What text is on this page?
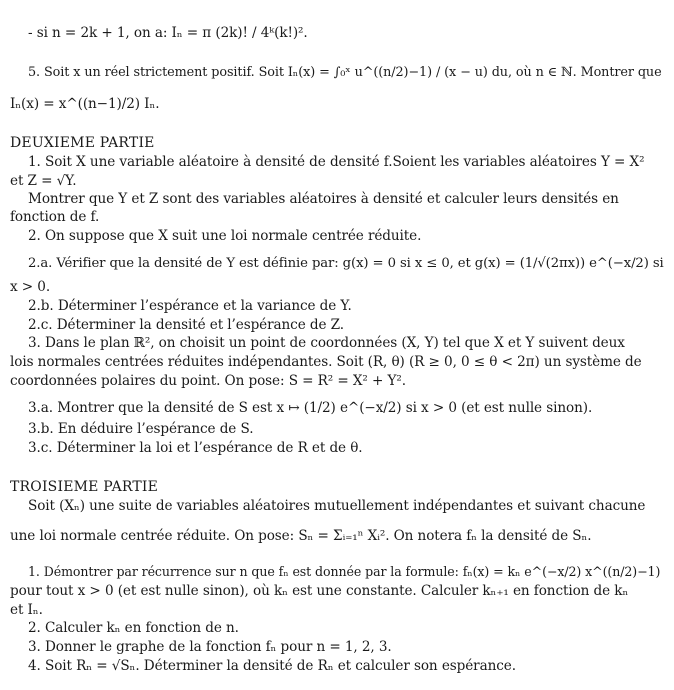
- si n = 2k + 1, on a: Iₙ = π (2k)! / 4ᵏ(k!)².
5. Soit x un réel strictement positif. Soit Iₙ(x) = ∫₀ˣ u^((n/2)−1) / (x − u) du, où n ∈ ℕ. Montrer que
Iₙ(x) = x^((n−1)/2) Iₙ.
DEUXIEME PARTIE
1. Soit X une variable aléatoire à densité de densité f.Soient les variables aléatoires Y = X²
et Z = √Y.
Montrer que Y et Z sont des variables aléatoires à densité et calculer leurs densités en
fonction de f.
2. On suppose que X suit une loi normale centrée réduite.
2.a. Vérifier que la densité de Y est définie par: g(x) = 0 si x ≤ 0, et g(x) = (1/√(2πx)) e^(−x/2) si
x > 0.
2.b. Déterminer l’espérance et la variance de Y.
2.c. Déterminer la densité et l’espérance de Z.
3. Dans le plan ℝ², on choisit un point de coordonnées (X, Y) tel que X et Y suivent deux
lois normales centrées réduites indépendantes. Soit (R, θ) (R ≥ 0, 0 ≤ θ < 2π) un système de
coordonnées polaires du point. On pose: S = R² = X² + Y².
3.a. Montrer que la densité de S est x ↦ (1/2) e^(−x/2) si x > 0 (et est nulle sinon).
3.b. En déduire l’espérance de S.
3.c. Déterminer la loi et l’espérance de R et de θ.
TROISIEME PARTIE
Soit (Xₙ) une suite de variables aléatoires mutuellement indépendantes et suivant chacune
une loi normale centrée réduite. On pose: Sₙ = Σᵢ₌₁ⁿ Xᵢ². On notera fₙ la densité de Sₙ.
1. Démontrer par récurrence sur n que fₙ est donnée par la formule: fₙ(x) = kₙ e^(−x/2) x^((n/2)−1)
pour tout x > 0 (et est nulle sinon), où kₙ est une constante. Calculer kₙ₊₁ en fonction de kₙ
et Iₙ.
2. Calculer kₙ en fonction de n.
3. Donner le graphe de la fonction fₙ pour n = 1, 2, 3.
4. Soit Rₙ = √Sₙ. Déterminer la densité de Rₙ et calculer son espérance.
